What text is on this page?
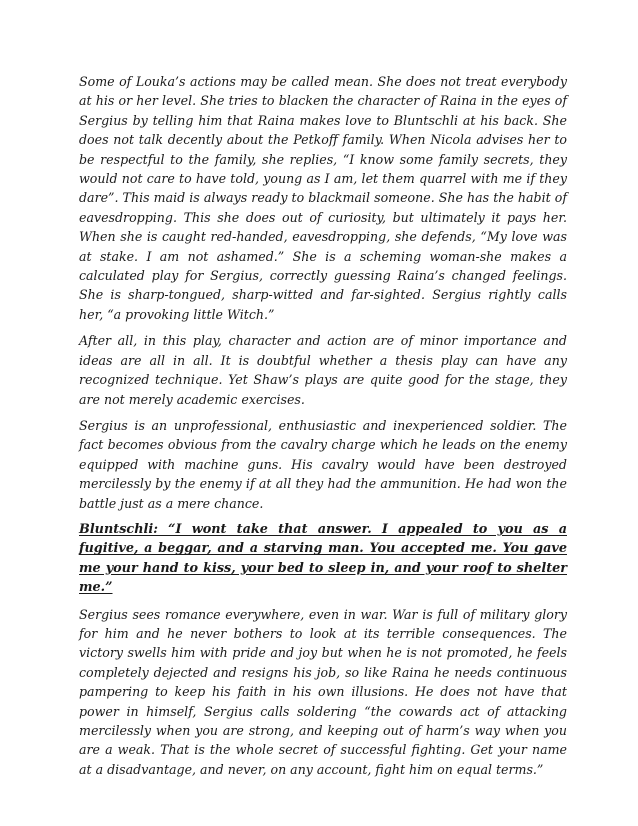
Some of Louka’s actions may be called mean. She does not treat everybody at his or her level. She tries to blacken the character of Raina in the eyes of Sergius by telling him that Raina makes love to Bluntschli at his back. She does not talk decently about the Petkoff family. When Nicola advises her to be respectful to the family, she replies, “I know some family secrets, they would not care to have told, young as I am, let them quarrel with me if they dare”. This maid is always ready to blackmail someone. She has the habit of eavesdropping. This she does out of curiosity, but ultimately it pays her. When she is caught red-handed, eavesdropping, she defends, “My love was at stake. I am not ashamed.” She is a scheming woman-she makes a calculated play for Sergius, correctly guessing Raina’s changed feelings. She is sharp-tongued, sharp-witted and far-sighted. Sergius rightly calls her, “a provoking little Witch.”

After all, in this play, character and action are of minor importance and ideas are all in all. It is doubtful whether a thesis play can have any recognized technique. Yet Shaw’s plays are quite good for the stage, they are not merely academic exercises.

Sergius is an unprofessional, enthusiastic and inexperienced soldier. The fact becomes obvious from the cavalry charge which he leads on the enemy equipped with machine guns. His cavalry would have been destroyed mercilessly by the enemy if at all they had the ammunition. He had won the battle just as a mere chance.

Bluntschli: “I wont take that answer. I appealed to you as a fugitive, a beggar, and a starving man. You accepted me. You gave me your hand to kiss, your bed to sleep in, and your roof to shelter me.”

Sergius sees romance everywhere, even in war. War is full of military glory for him and he never bothers to look at its terrible consequences. The victory swells him with pride and joy but when he is not promoted, he feels completely dejected and resigns his job, so like Raina he needs continuous pampering to keep his faith in his own illusions. He does not have that power in himself, Sergius calls soldering “the cowards act of attacking mercilessly when you are strong, and keeping out of harm’s way when you are a weak. That is the whole secret of successful fighting. Get your name at a disadvantage, and never, on any account, fight him on equal terms.”
